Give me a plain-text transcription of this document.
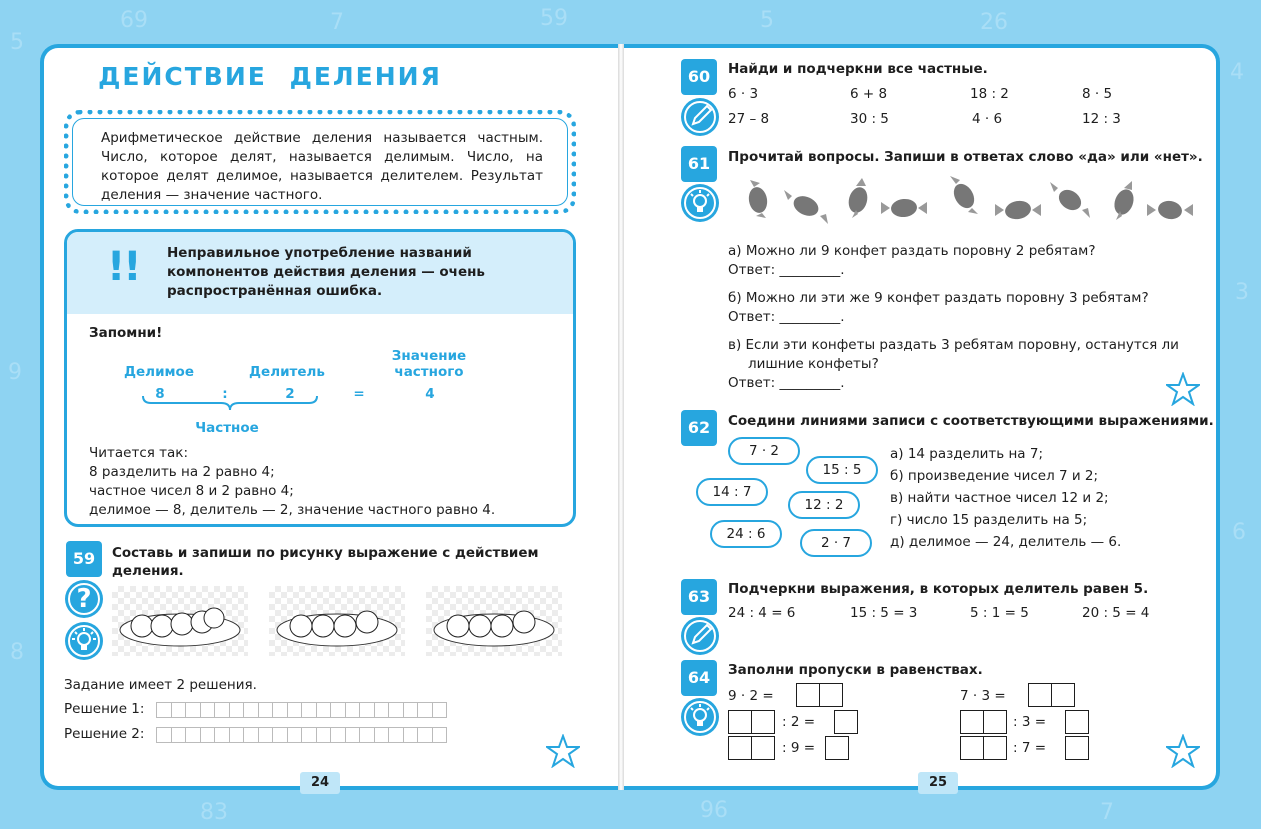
5
69	7	59	5	26
4
3
6
9
8
83	96	7
ДЕЙСТВИЕ ДЕЛЕНИЯ
Арифметическое действие деления называется частным. Число, которое делят, называется делимым. Число, на которое делят делимое, называется делителем. Результат деления — значение частного.
!! Неправильное употребление названий компонентов действия деления — очень распространённая ошибка.
Запомни!
Делимое	Делитель
Значение
частного
8	:	2	=	4
Частное
Читается так:
8 разделить на 2 равно 4;
частное чисел 8 и 2 равно 4;
делимое — 8, делитель — 2, значение частного равно 4.
59	Составь и запиши по рисунку выражение с действием деления.
?
Задание имеет 2 решения.
Решение 1:
Решение 2:
24
60	Найди и подчеркни все частные.
6 · 3	6 + 8	18 : 2	8 · 5
27 – 8	30 : 5	4 · 6	12 : 3
61	Прочитай вопросы. Запиши в ответах слово «да» или «нет».
а) Можно ли 9 конфет раздать поровну 2 ребятам?
Ответ: _________.
б) Можно ли эти же 9 конфет раздать поровну 3 ребятам?
Ответ: _________.
в) Если эти конфеты раздать 3 ребятам поровну, останутся ли
лишние конфеты?
Ответ: _________.
62	Соедини линиями записи с соответствующими выражениями.
7 · 2
15 : 5
14 : 7
12 : 2
24 : 6
2 · 7
а) 14 разделить на 7;
б) произведение чисел 7 и 2;
в) найти частное чисел 12 и 2;
г) число 15 разделить на 5;
д) делимое — 24, делитель — 6.
63	Подчеркни выражения, в которых делитель равен 5.
24 : 4 = 6	15 : 5 = 3	5 : 1 = 5	20 : 5 = 4
64	Заполни пропуски в равенствах.
9 · 2 =
: 2 =
: 9 =
7 · 3 =
: 3 =
: 7 =
25
